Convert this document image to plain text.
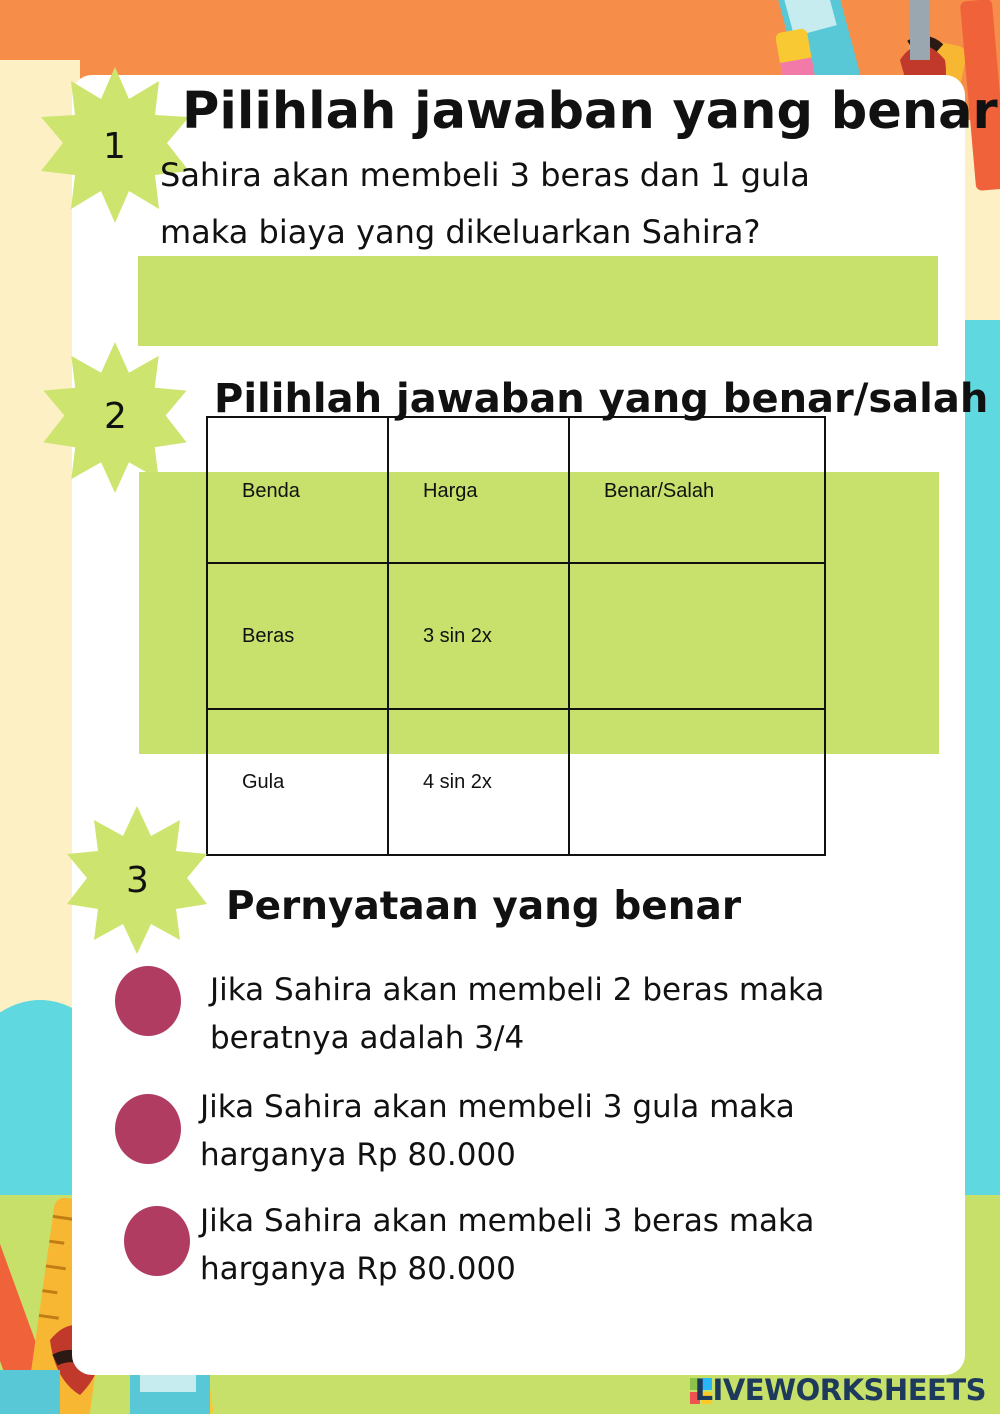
1
Pilihlah jawaban yang benar
Sahira akan membeli 3 beras dan 1 gula
maka biaya yang dikeluarkan Sahira?
2 Pilihlah jawaban yang benar/salah
Benda	Harga	Benar/Salah
Beras	3 sin 2x	
Gula	4 sin 2x	
3
Pernyataan yang benar
Jika Sahira akan membeli 2 beras maka
beratnya adalah 3/4
Jika Sahira akan membeli 3 gula maka
harganya Rp 80.000
Jika Sahira akan membeli 3 beras maka
harganya Rp 80.000
LIVEWORKSHEETS
